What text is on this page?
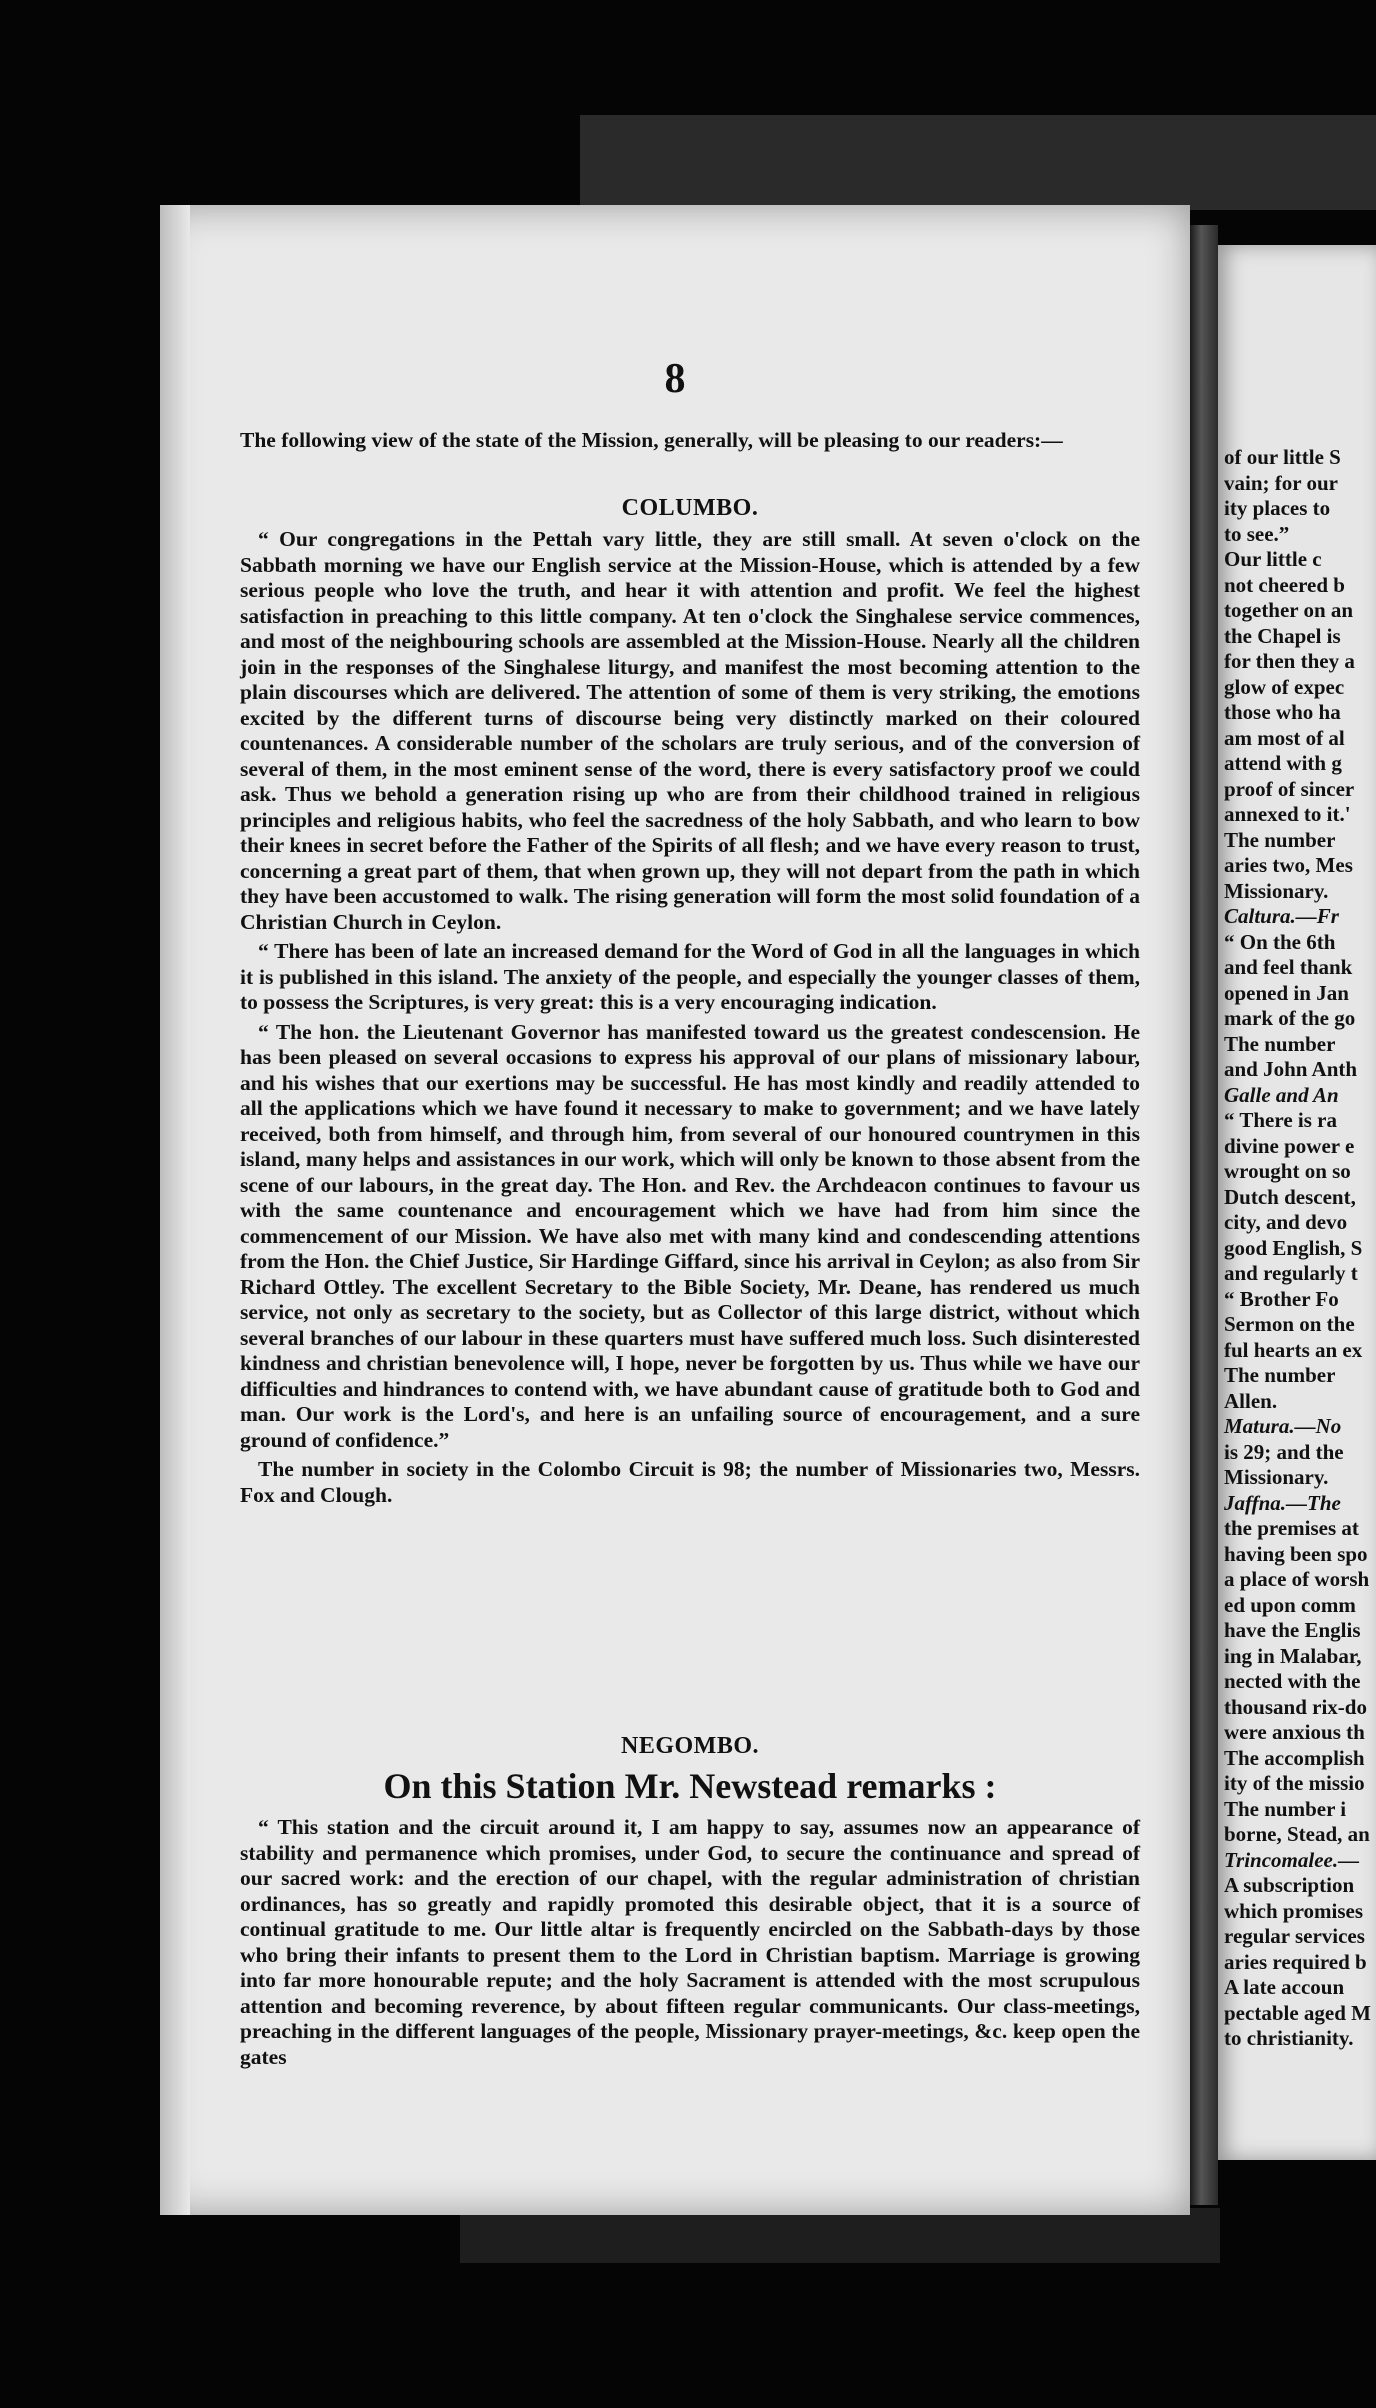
8
The following view of the state of the Mission, generally, will be pleasing to our readers:—
COLUMBO.

“ Our congregations in the Pettah vary little, they are still small. At seven o'clock on the Sabbath morning we have our English service at the Mission-House, which is attended by a few serious people who love the truth, and hear it with attention and profit. We feel the highest satisfaction in preaching to this little company. At ten o'clock the Singhalese service commences, and most of the neighbouring schools are assembled at the Mission-House. Nearly all the children join in the responses of the Singhalese liturgy, and manifest the most becoming attention to the plain discourses which are delivered. The attention of some of them is very striking, the emotions excited by the different turns of discourse being very distinctly marked on their coloured countenances. A considerable number of the scholars are truly serious, and of the conversion of several of them, in the most eminent sense of the word, there is every satisfactory proof we could ask. Thus we behold a generation rising up who are from their childhood trained in religious principles and religious habits, who feel the sacredness of the holy Sabbath, and who learn to bow their knees in secret before the Father of the Spirits of all flesh; and we have every reason to trust, concerning a great part of them, that when grown up, they will not depart from the path in which they have been accustomed to walk. The rising generation will form the most solid foundation of a Christian Church in Ceylon.

“ There has been of late an increased demand for the Word of God in all the languages in which it is published in this island. The anxiety of the people, and especially the younger classes of them, to possess the Scriptures, is very great: this is a very encouraging indication.

“ The hon. the Lieutenant Governor has manifested toward us the greatest condescension. He has been pleased on several occasions to express his approval of our plans of missionary labour, and his wishes that our exertions may be successful. He has most kindly and readily attended to all the applications which we have found it necessary to make to government; and we have lately received, both from himself, and through him, from several of our honoured countrymen in this island, many helps and assistances in our work, which will only be known to those absent from the scene of our labours, in the great day. The Hon. and Rev. the Archdeacon continues to favour us with the same countenance and encouragement which we have had from him since the commencement of our Mission. We have also met with many kind and condescending attentions from the Hon. the Chief Justice, Sir Hardinge Giffard, since his arrival in Ceylon; as also from Sir Richard Ottley. The excellent Secretary to the Bible Society, Mr. Deane, has rendered us much service, not only as secretary to the society, but as Collector of this large district, without which several branches of our labour in these quarters must have suffered much loss. Such disinterested kindness and christian benevolence will, I hope, never be forgotten by us. Thus while we have our difficulties and hindrances to contend with, we have abundant cause of gratitude both to God and man. Our work is the Lord's, and here is an unfailing source of encouragement, and a sure ground of confidence.”

The number in society in the Colombo Circuit is 98; the number of Missionaries two, Messrs. Fox and Clough.

NEGOMBO.
On this Station Mr. Newstead remarks :

“ This station and the circuit around it, I am happy to say, assumes now an appearance of stability and permanence which promises, under God, to secure the continuance and spread of our sacred work: and the erection of our chapel, with the regular administration of christian ordinances, has so greatly and rapidly promoted this desirable object, that it is a source of continual gratitude to me. Our little altar is frequently encircled on the Sabbath-days by those who bring their infants to present them to the Lord in Christian baptism. Marriage is growing into far more honourable repute; and the holy Sacrament is attended with the most scrupulous attention and becoming reverence, by about fifteen regular communicants. Our class-meetings, preaching in the different languages of the people, Missionary prayer-meetings, &c. keep open the gates

of our little S
vain; for our
ity places to
to see.”
Our little c
not cheered b
together on an
the Chapel is
for then they a
glow of expec
those who ha
am most of al
attend with g
proof of sincer
annexed to it.'
The number
aries two, Mes
Missionary.
Caltura.—Fr
“ On the 6th
and feel thank
opened in Jan
mark of the go
The number
and John Anth
Galle and An
“ There is ra
divine power e
wrought on so
Dutch descent,
city, and devo
good English, S
and regularly t
“ Brother Fo
Sermon on the
ful hearts an ex
The number
Allen.
Matura.—No
is 29; and the
Missionary.
Jaffna.—The
the premises at
having been spo
a place of worsh
ed upon comm
have the Englis
ing in Malabar,
nected with the
thousand rix-do
were anxious th
The accomplish
ity of the missio
The number i
borne, Stead, an
Trincomalee.—
A subscription
which promises
regular services
aries required b
A late accoun
pectable aged M
to christianity.
